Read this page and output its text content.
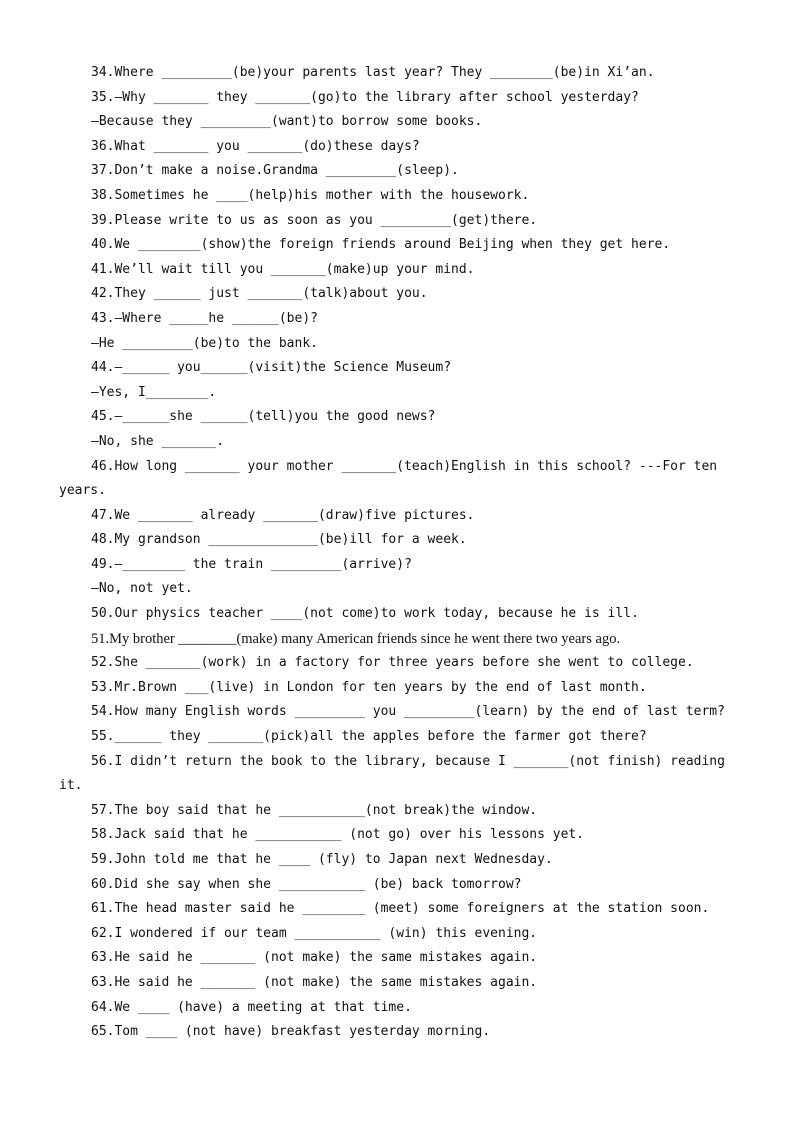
34.Where _________(be)your parents last year? They ________(be)in Xi’an.
35.—Why _______ they _______(go)to the library after school yesterday?
—Because they _________(want)to borrow some books.
36.What _______ you _______(do)these days?
37.Don’t make a noise.Grandma _________(sleep).
38.Sometimes he ____(help)his mother with the housework.
39.Please write to us as soon as you _________(get)there.
40.We ________(show)the foreign friends around Beijing when they get here.
41.We’ll wait till you _______(make)up your mind.
42.They ______ just _______(talk)about you.
43.—Where _____he ______(be)?
—He _________(be)to the bank.
44.—______ you______(visit)the Science Museum?
—Yes, I________.
45.—______she ______(tell)you the good news?
—No, she _______.
46.How long _______ your mother _______(teach)English in this school? ---For ten
years.
47.We _______ already _______(draw)five pictures.
48.My grandson ______________(be)ill for a week.
49.—________ the train _________(arrive)?
—No, not yet.
50.Our physics teacher ____(not come)to work today, because he is ill.
51.My brother ________(make) many American friends since he went there two years ago.
52.She _______(work) in a factory for three years before she went to college.
53.Mr.Brown ___(live) in London for ten years by the end of last month.
54.How many English words _________ you _________(learn) by the end of last term?
55.______ they _______(pick)all the apples before the farmer got there?
56.I didn’t return the book to the library, because I _______(not finish) reading
it.
57.The boy said that he ___________(not break)the window.
58.Jack said that he ___________ (not go) over his lessons yet.
59.John told me that he ____ (fly) to Japan next Wednesday.
60.Did she say when she ___________ (be) back tomorrow?
61.The head master said he ________ (meet) some foreigners at the station soon.
62.I wondered if our team ___________ (win) this evening.
63.He said he _______ (not make) the same mistakes again.
63.He said he _______ (not make) the same mistakes again.
64.We ____ (have) a meeting at that time.
65.Tom ____ (not have) breakfast yesterday morning.
